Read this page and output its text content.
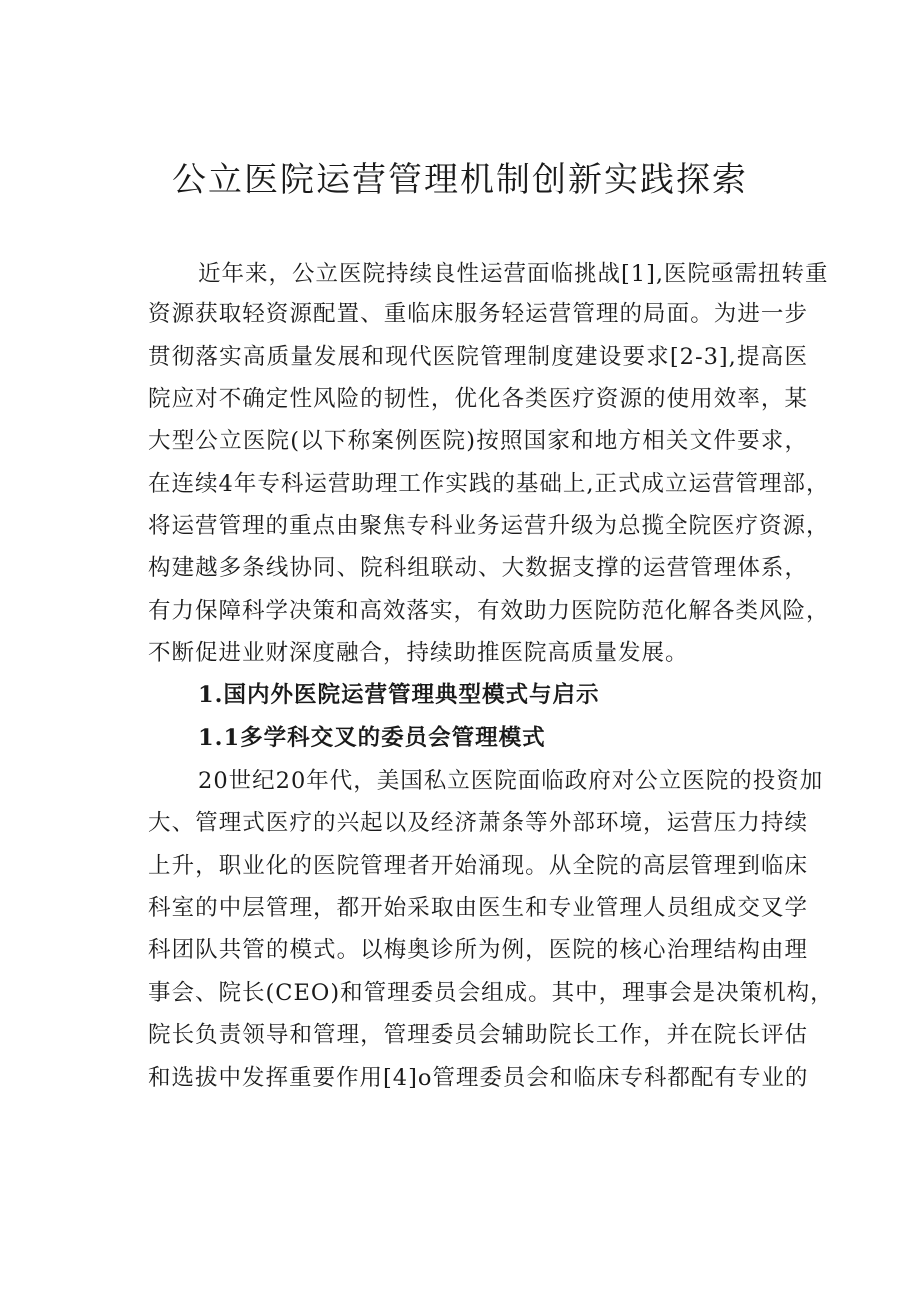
公立医院运营管理机制创新实践探索

近年来，公立医院持续良性运营面临挑战[1],医院亟需扭转重

资源获取轻资源配置、重临床服务轻运营管理的局面。为进一步

贯彻落实高质量发展和现代医院管理制度建设要求[2-3],提高医

院应对不确定性风险的韧性，优化各类医疗资源的使用效率，某

大型公立医院(以下称案例医院)按照国家和地方相关文件要求，

在连续4年专科运营助理工作实践的基础上,正式成立运营管理部，

将运营管理的重点由聚焦专科业务运营升级为总揽全院医疗资源，

构建越多条线协同、院科组联动、大数据支撑的运营管理体系，

有力保障科学决策和高效落实，有效助力医院防范化解各类风险，

不断促进业财深度融合，持续助推医院高质量发展。

1.国内外医院运营管理典型模式与启示
1.1多学科交叉的委员会管理模式

20世纪20年代，美国私立医院面临政府对公立医院的投资加

大、管理式医疗的兴起以及经济萧条等外部环境，运营压力持续

上升，职业化的医院管理者开始涌现。从全院的高层管理到临床

科室的中层管理，都开始采取由医生和专业管理人员组成交叉学

科团队共管的模式。以梅奥诊所为例，医院的核心治理结构由理

事会、院长(CEO)和管理委员会组成。其中，理事会是决策机构，

院长负责领导和管理，管理委员会辅助院长工作，并在院长评估

和选拔中发挥重要作用[4]o管理委员会和临床专科都配有专业的
